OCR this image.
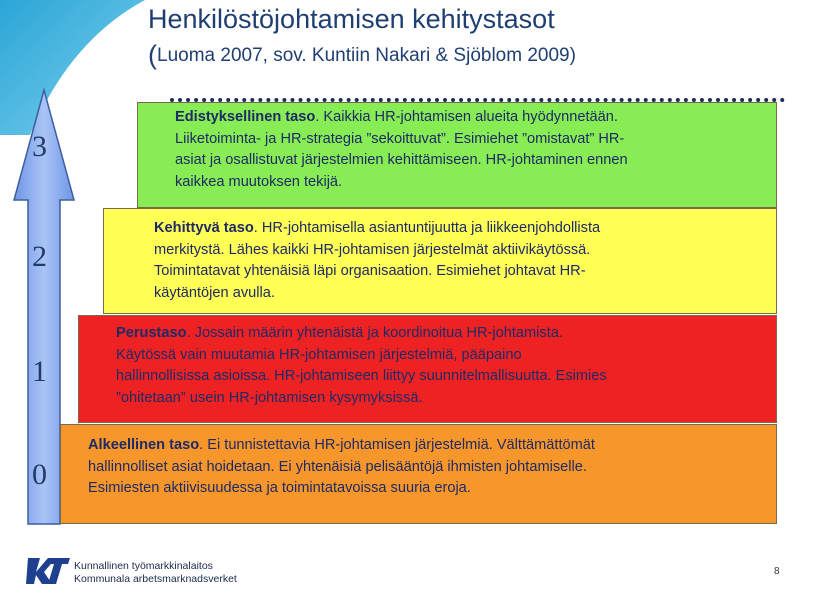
Henkilöstöjohtamisen kehitystasot
(Luoma 2007, sov. Kuntiin Nakari & Sjöblom 2009)
3
2
1
0
Edistyksellinen taso. Kaikkia HR-johtamisen alueita hyödynnetään.
Liiketoiminta- ja HR-strategia ”sekoittuvat”. Esimiehet ”omistavat” HR-
asiat ja osallistuvat järjestelmien kehittämiseen. HR-johtaminen ennen
kaikkea muutoksen tekijä.
Kehittyvä taso. HR-johtamisella asiantuntijuutta ja liikkeenjohdollista
merkitystä. Lähes kaikki HR-johtamisen järjestelmät aktiivikäytössä.
Toimintatavat yhtenäisiä läpi organisaation. Esimiehet johtavat HR-
käytäntöjen avulla.
Perustaso. Jossain määrin yhtenäistä ja koordinoitua HR-johtamista.
Käytössä vain muutamia HR-johtamisen järjestelmiä, pääpaino
hallinnollisissa asioissa. HR-johtamiseen liittyy suunnitelmallisuutta. Esimies
”ohitetaan” usein HR-johtamisen kysymyksissä.
Alkeellinen taso. Ei tunnistettavia HR-johtamisen järjestelmiä. Välttämättömät
hallinnolliset asiat hoidetaan. Ei yhtenäisiä pelisääntöjä ihmisten johtamiselle.
Esimiesten aktiivisuudessa ja toimintatavoissa suuria eroja.
Kunnallinen työmarkkinalaitos
Kommunala arbetsmarknadsverket
8
